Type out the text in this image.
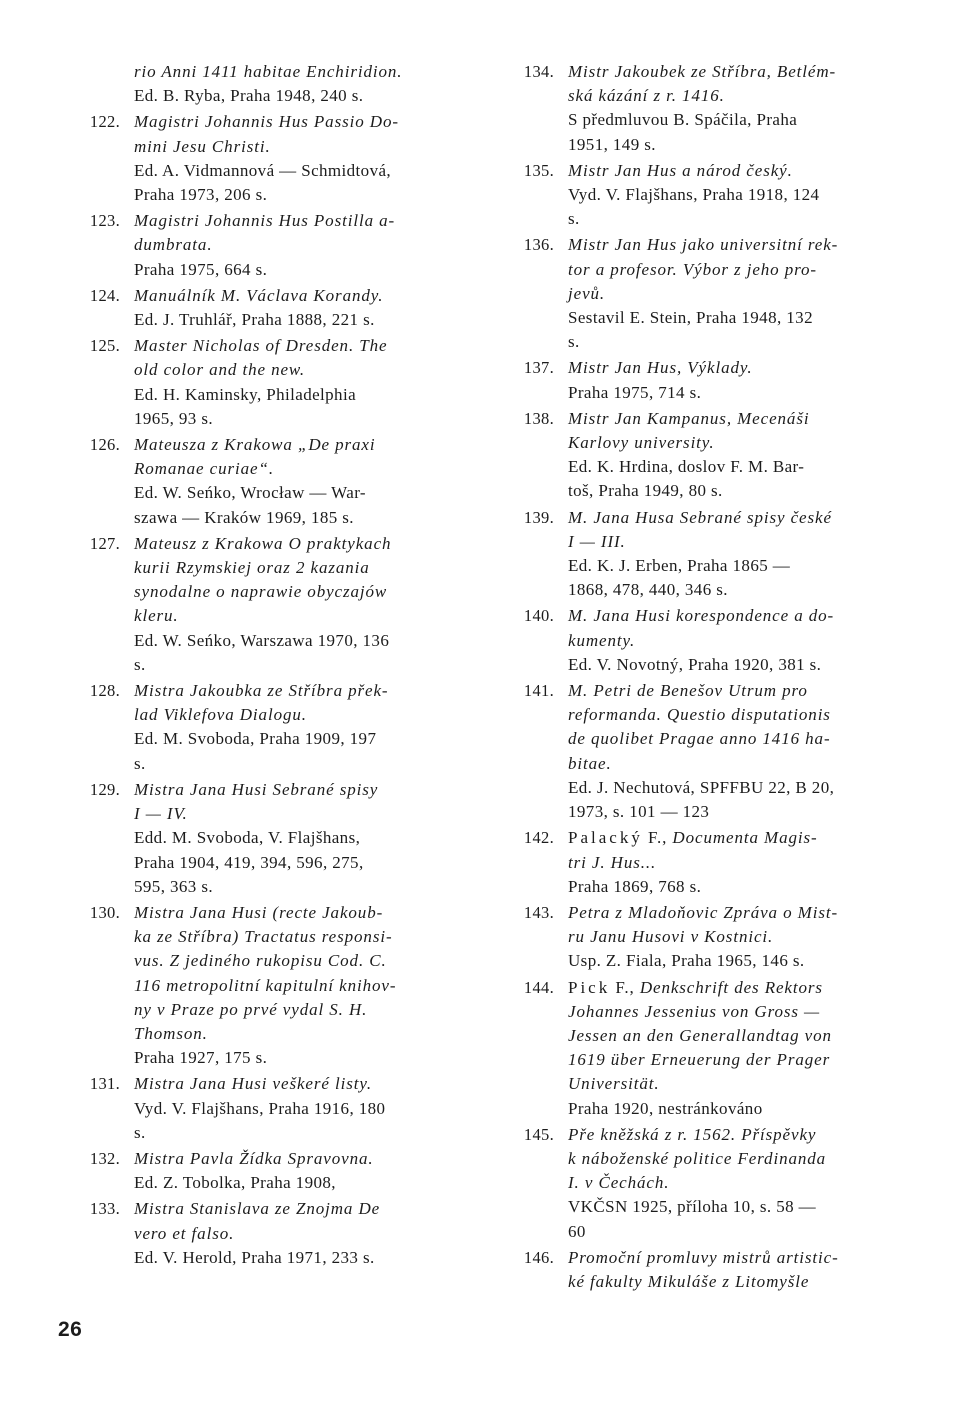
rio Anni 1411 habitae Enchiridion.
Ed. B. Ryba, Praha 1948, 240 s.
122. Magistri Johannis Hus Passio Do-
mini Jesu Christi.
Ed. A. Vidmannová — Schmidtová,
Praha 1973, 206 s.
123. Magistri Johannis Hus Postilla a-
dumbrata.
Praha 1975, 664 s.
124. Manuálník M. Václava Korandy.
Ed. J. Truhlář, Praha 1888, 221 s.
125. Master Nicholas of Dresden. The
old color and the new.
Ed. H. Kaminsky, Philadelphia
1965, 93 s.
126. Mateusza z Krakowa „De praxi
Romanae curiae“.
Ed. W. Seńko, Wrocław — War-
szawa — Kraków 1969, 185 s.
127. Mateusz z Krakowa O praktykach
kurii Rzymskiej oraz 2 kazania
synodalne o naprawie obyczajów
kleru.
Ed. W. Seńko, Warszawa 1970, 136
s.
128. Mistra Jakoubka ze Stříbra přek-
lad Viklefova Dialogu.
Ed. M. Svoboda, Praha 1909, 197
s.
129. Mistra Jana Husi Sebrané spisy
I — IV.
Edd. M. Svoboda, V. Flajšhans,
Praha 1904, 419, 394, 596, 275,
595, 363 s.
130. Mistra Jana Husi (recte Jakoub-
ka ze Stříbra) Tractatus responsi-
vus. Z jediného rukopisu Cod. C.
116 metropolitní kapitulní knihov-
ny v Praze po prvé vydal S. H.
Thomson.
Praha 1927, 175 s.
131. Mistra Jana Husi veškeré listy.
Vyd. V. Flajšhans, Praha 1916, 180
s.
132. Mistra Pavla Žídka Spravovna.
Ed. Z. Tobolka, Praha 1908,
133. Mistra Stanislava ze Znojma De
vero et falso.
Ed. V. Herold, Praha 1971, 233 s.
134. Mistr Jakoubek ze Stříbra, Betlém-
ská kázání z r. 1416.
S předmluvou B. Spáčila, Praha
1951, 149 s.
135. Mistr Jan Hus a národ český.
Vyd. V. Flajšhans, Praha 1918, 124
s.
136. Mistr Jan Hus jako universitní rek-
tor a profesor. Výbor z jeho pro-
jevů.
Sestavil E. Stein, Praha 1948, 132
s.
137. Mistr Jan Hus, Výklady.
Praha 1975, 714 s.
138. Mistr Jan Kampanus, Mecenáši
Karlovy university.
Ed. K. Hrdina, doslov F. M. Bar-
toš, Praha 1949, 80 s.
139. M. Jana Husa Sebrané spisy české
I — III.
Ed. K. J. Erben, Praha 1865 —
1868, 478, 440, 346 s.
140. M. Jana Husi korespondence a do-
kumenty.
Ed. V. Novotný, Praha 1920, 381 s.
141. M. Petri de Benešov Utrum pro
reformanda. Questio disputationis
de quolibet Pragae anno 1416 ha-
bitae.
Ed. J. Nechutová, SPFFBU 22, B 20,
1973, s. 101 — 123
142. Palacký F., Documenta Magis-
tri J. Hus...
Praha 1869, 768 s.
143. Petra z Mladoňovic Zpráva o Mist-
ru Janu Husovi v Kostnici.
Usp. Z. Fiala, Praha 1965, 146 s.
144. Pick F., Denkschrift des Rektors
Johannes Jessenius von Gross —
Jessen an den Generallandtag von
1619 über Erneuerung der Prager
Universität.
Praha 1920, nestránkováno
145. Pře kněžská z r. 1562. Příspěvky
k náboženské politice Ferdinanda
I. v Čechách.
VKČSN 1925, příloha 10, s. 58 —
60
146. Promoční promluvy mistrů artistic-
ké fakulty Mikuláše z Litomyšle
26
